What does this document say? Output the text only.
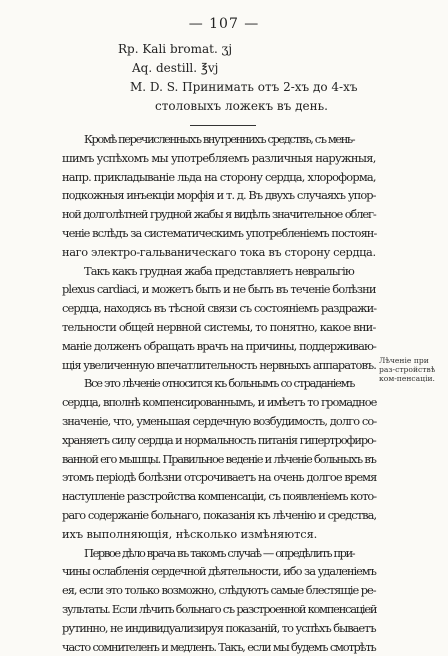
— 107 —
Rp. Kali bromat. ʒj
Aq. destill. ℥vj
M. D. S. Принимать отъ 2-хъ до 4-хъ
столовыхъ ложекъ въ день.
Кромѣ перечисленныхъ внутреннихъ средствъ, съ мень-
шимъ успѣхомъ мы употребляемъ различныя наружныя,
напр. прикладываніе льда на сторону сердца, хлороформа,
подкожныя инъекціи морфія и т. д. Въ двухъ случаяхъ упор-
ной долголѣтней грудной жабы я видѣлъ значительное облег-
ченіе вслѣдъ за систематическимъ употребленіемъ постоян-
наго электро-гальваническаго тока въ сторону сердца.
Такъ какъ грудная жаба представляетъ невральгію
plexus cardiaci, и можетъ быть и не быть въ теченіе болѣзни
сердца, находясь въ тѣсной связи съ состояніемъ раздражи-
тельности общей нервной системы, то понятно, какое вни-
маніе долженъ обращать врачъ на причины, поддерживаю-
щія увеличенную впечатлительность нервныхъ аппаратовъ.
Все это лѣченіе относится къ больнымъ со страданіемъ
сердца, вполнѣ компенсированнымъ, и имѣетъ то громадное
значеніе, что, уменьшая сердечную возбудимость, долго со-
храняетъ силу сердца и нормальность питанія гипертрофиро-
ванной его мышцы. Правильное веденіе и лѣченіе больныхъ въ
этомъ періодѣ болѣзни отсрочиваетъ на очень долгое время
наступленіе разстройства компенсаціи, съ появленіемъ кото-
раго содержаніе больнаго, показанія къ лѣченію и средства,
ихъ выполняющія, нѣсколько измѣняются.
Первое дѣло врача въ такомъ случаѣ — опредѣлить при-
чины ослабленія сердечной дѣятельности, ибо за удаленіемъ
ея, если это только возможно, слѣдуютъ самые блестящіе ре-
зультаты. Если лѣчить больнаго съ разстроенной компенсаціей
рутинно, не индивидуализируя показаній, то успѣхъ бываетъ
часто сомнителенъ и медленъ. Такъ, если мы будемъ смотрѣть
Лѣченіе при раз-стройствѣ ком-пенсаціи.
